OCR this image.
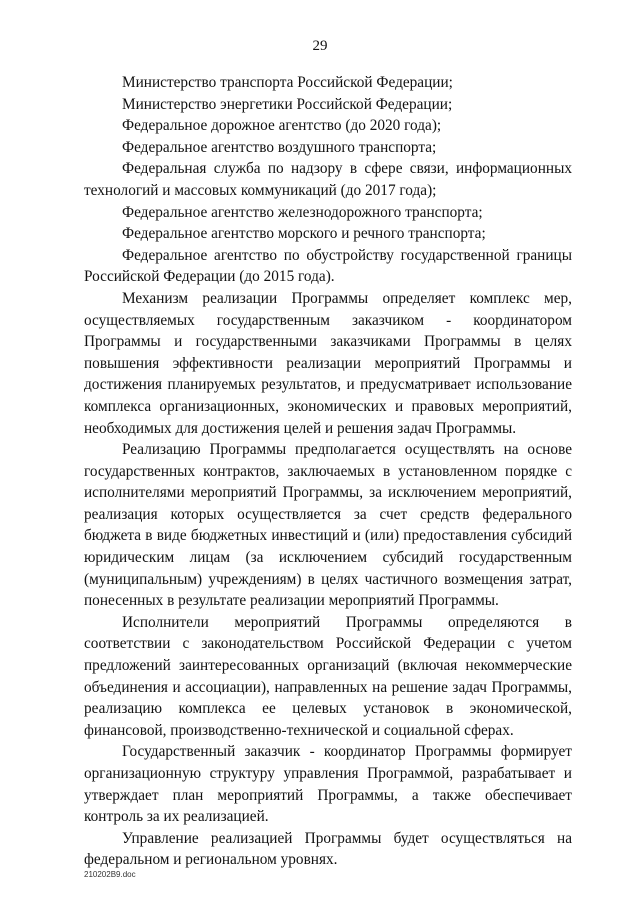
29

Министерство транспорта Российской Федерации;

Министерство энергетики Российской Федерации;

Федеральное дорожное агентство (до 2020 года);

Федеральное агентство воздушного транспорта;

Федеральная служба по надзору в сфере связи, информационных технологий и массовых коммуникаций (до 2017 года);

Федеральное агентство железнодорожного транспорта;

Федеральное агентство морского и речного транспорта;

Федеральное агентство по обустройству государственной границы Российской Федерации (до 2015 года).

Механизм реализации Программы определяет комплекс мер, осуществляемых государственным заказчиком - координатором Программы и государственными заказчиками Программы в целях повышения эффективности реализации мероприятий Программы и достижения планируемых результатов, и предусматривает использование комплекса организационных, экономических и правовых мероприятий, необходимых для достижения целей и решения задач Программы.

Реализацию Программы предполагается осуществлять на основе государственных контрактов, заключаемых в установленном порядке с исполнителями мероприятий Программы, за исключением мероприятий, реализация которых осуществляется за счет средств федерального бюджета в виде бюджетных инвестиций и (или) предоставления субсидий юридическим лицам (за исключением субсидий государственным (муниципальным) учреждениям) в целях частичного возмещения затрат, понесенных в результате реализации мероприятий Программы.

Исполнители мероприятий Программы определяются в соответствии с законодательством Российской Федерации с учетом предложений заинтересованных организаций (включая некоммерческие объединения и ассоциации), направленных на решение задач Программы, реализацию комплекса ее целевых установок в экономической, финансовой, производственно-технической и социальной сферах.

Государственный заказчик - координатор Программы формирует организационную структуру управления Программой, разрабатывает и утверждает план мероприятий Программы, а также обеспечивает контроль за их реализацией.

Управление реализацией Программы будет осуществляться на федеральном и региональном уровнях.

210202В9.doc
